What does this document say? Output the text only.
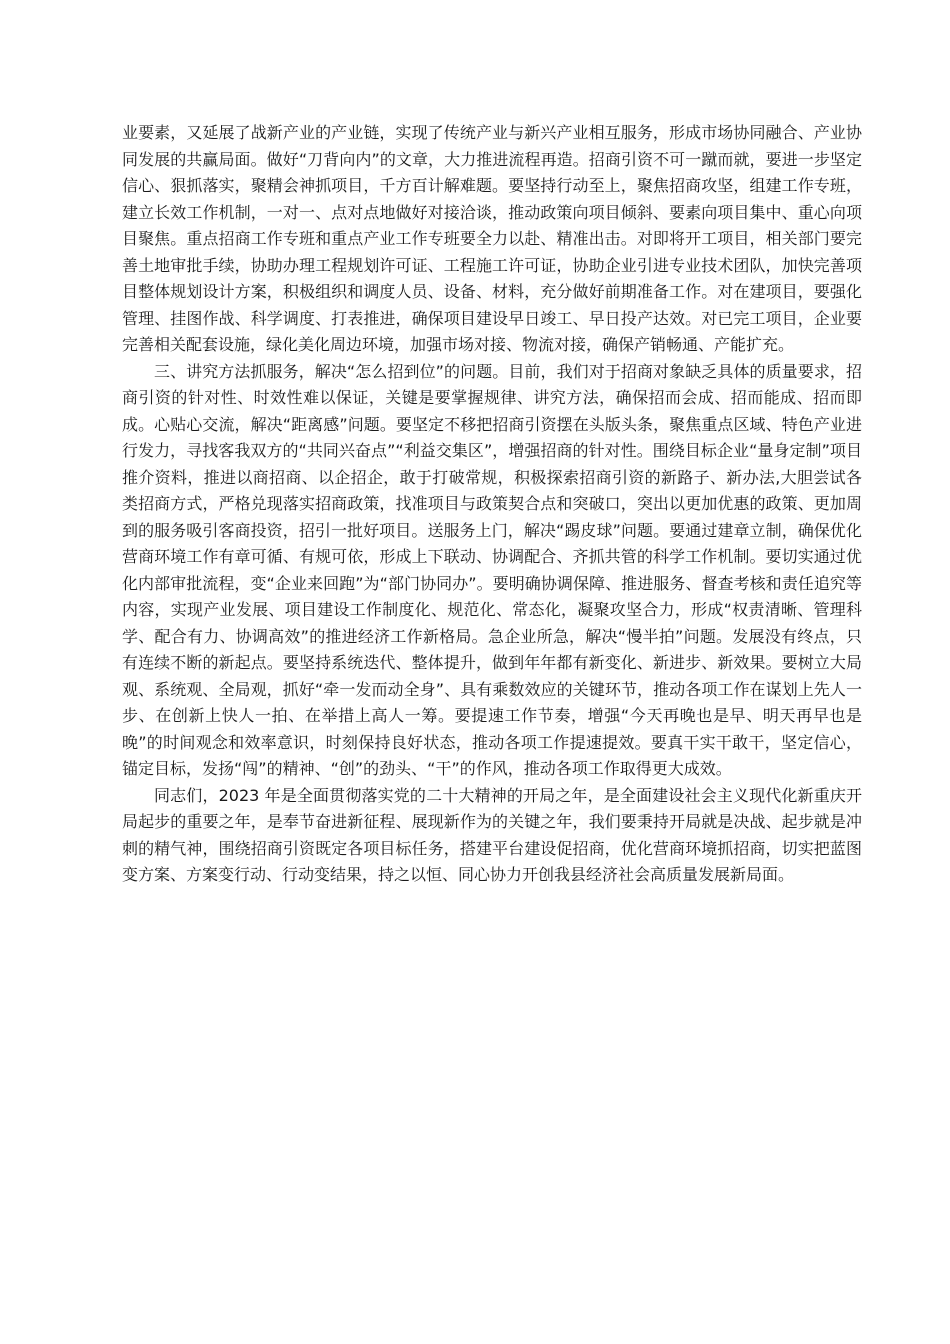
业要素，又延展了战新产业的产业链，实现了传统产业与新兴产业相互服务，形成市场协同融合、产业协同发展的共赢局面。做好“刀背向内”的文章，大力推进流程再造。招商引资不可一蹴而就，要进一步坚定信心、狠抓落实，聚精会神抓项目，千方百计解难题。要坚持行动至上，聚焦招商攻坚，组建工作专班，建立长效工作机制，一对一、点对点地做好对接洽谈，推动政策向项目倾斜、要素向项目集中、重心向项目聚焦。重点招商工作专班和重点产业工作专班要全力以赴、精准出击。对即将开工项目，相关部门要完善土地审批手续，协助办理工程规划许可证、工程施工许可证，协助企业引进专业技术团队，加快完善项目整体规划设计方案，积极组织和调度人员、设备、材料，充分做好前期准备工作。对在建项目，要强化管理、挂图作战、科学调度、打表推进，确保项目建设早日竣工、早日投产达效。对已完工项目，企业要完善相关配套设施，绿化美化周边环境，加强市场对接、物流对接，确保产销畅通、产能扩充。

三、讲究方法抓服务，解决“怎么招到位”的问题。目前，我们对于招商对象缺乏具体的质量要求，招商引资的针对性、时效性难以保证，关键是要掌握规律、讲究方法，确保招而会成、招而能成、招而即成。心贴心交流，解决“距离感”问题。要坚定不移把招商引资摆在头版头条，聚焦重点区域、特色产业进行发力，寻找客我双方的“共同兴奋点”“利益交集区”，增强招商的针对性。围绕目标企业“量身定制”项目推介资料，推进以商招商、以企招企，敢于打破常规，积极探索招商引资的新路子、新办法,大胆尝试各类招商方式，严格兑现落实招商政策，找准项目与政策契合点和突破口，突出以更加优惠的政策、更加周到的服务吸引客商投资，招引一批好项目。送服务上门，解决“踢皮球”问题。要通过建章立制，确保优化营商环境工作有章可循、有规可依，形成上下联动、协调配合、齐抓共管的科学工作机制。要切实通过优化内部审批流程，变“企业来回跑”为“部门协同办”。要明确协调保障、推进服务、督查考核和责任追究等内容，实现产业发展、项目建设工作制度化、规范化、常态化，凝聚攻坚合力，形成“权责清晰、管理科学、配合有力、协调高效”的推进经济工作新格局。急企业所急，解决“慢半拍”问题。发展没有终点，只有连续不断的新起点。要坚持系统迭代、整体提升，做到年年都有新变化、新进步、新效果。要树立大局观、系统观、全局观，抓好“牵一发而动全身”、具有乘数效应的关键环节，推动各项工作在谋划上先人一步、在创新上快人一拍、在举措上高人一筹。要提速工作节奏，增强“今天再晚也是早、明天再早也是晚”的时间观念和效率意识，时刻保持良好状态，推动各项工作提速提效。要真干实干敢干，坚定信心，锚定目标，发扬“闯”的精神、“创”的劲头、“干”的作风，推动各项工作取得更大成效。

同志们，2023 年是全面贯彻落实党的二十大精神的开局之年，是全面建设社会主义现代化新重庆开局起步的重要之年，是奉节奋进新征程、展现新作为的关键之年，我们要秉持开局就是决战、起步就是冲刺的精气神，围绕招商引资既定各项目标任务，搭建平台建设促招商，优化营商环境抓招商，切实把蓝图变方案、方案变行动、行动变结果，持之以恒、同心协力开创我县经济社会高质量发展新局面。
